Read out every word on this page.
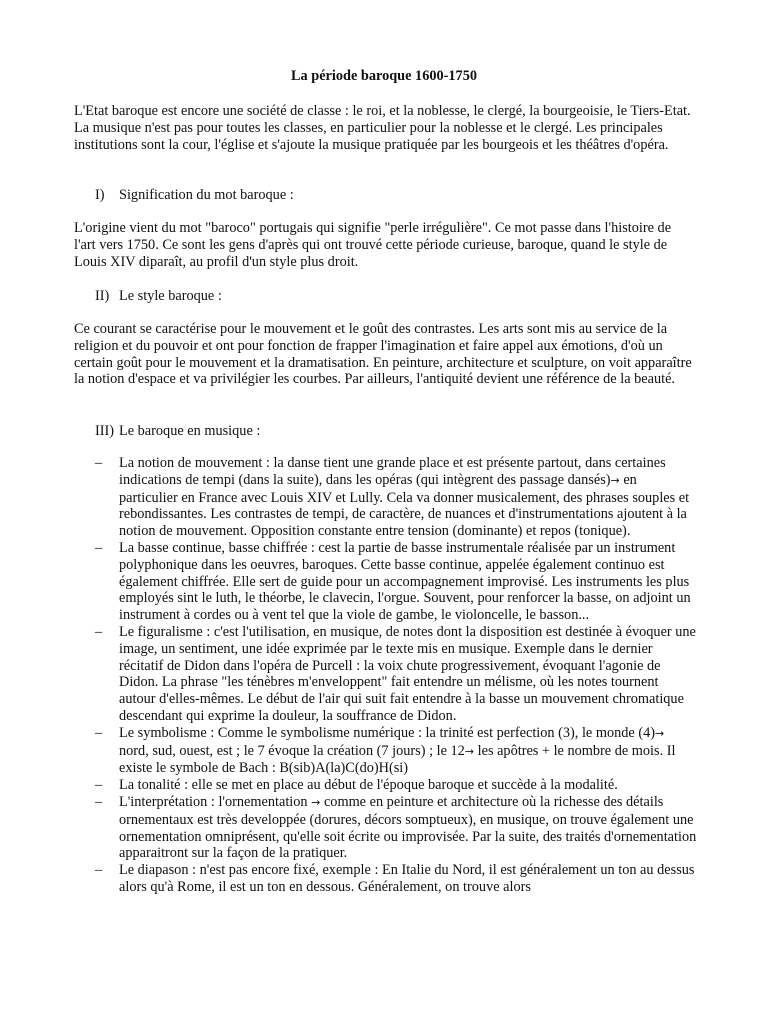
La période baroque 1600-1750

L'Etat baroque est encore une société de classe : le roi, et la noblesse, le clergé, la bourgeoisie, le Tiers-Etat. La musique n'est pas pour toutes les classes, en particulier pour la noblesse et le clergé. Les principales institutions sont la cour, l'église et s'ajoute la musique pratiquée par les bourgeois et les théâtres d'opéra.

I) Signification du mot baroque :

L'origine vient du mot "baroco" portugais qui signifie "perle irrégulière". Ce mot passe dans l'histoire de l'art vers 1750. Ce sont les gens d'après qui ont trouvé cette période curieuse, baroque, quand le style de Louis XIV diparaît, au profil d'un style plus droit.

II) Le style baroque :

Ce courant se caractérise pour le mouvement et le goût des contrastes. Les arts sont mis au service de la religion et du pouvoir et ont pour fonction de frapper l'imagination et faire appel aux émotions, d'où un certain goût pour le mouvement et la dramatisation. En peinture, architecture et sculpture, on voit apparaître la notion d'espace et va privilégier les courbes. Par ailleurs, l'antiquité devient une référence de la beauté.

III) Le baroque en musique :

– La notion de mouvement : la danse tient une grande place et est présente partout, dans certaines indications de tempi (dans la suite), dans les opéras (qui intègrent des passage dansés)→ en particulier en France avec Louis XIV et Lully. Cela va donner musicalement, des phrases souples et rebondissantes. Les contrastes de tempi, de caractère, de nuances et d'instrumentations ajoutent à la notion de mouvement. Opposition constante entre tension (dominante) et repos (tonique).
– La basse continue, basse chiffrée : cest la partie de basse instrumentale réalisée par un instrument polyphonique dans les oeuvres, baroques. Cette basse continue, appelée également continuo est également chiffrée. Elle sert de guide pour un accompagnement improvisé. Les instruments les plus employés sint le luth, le théorbe, le clavecin, l'orgue. Souvent, pour renforcer la basse, on adjoint un instrument à cordes ou à vent tel que la viole de gambe, le violoncelle, le basson...
– Le figuralisme : c'est l'utilisation, en musique, de notes dont la disposition est destinée à évoquer une image, un sentiment, une idée exprimée par le texte mis en musique. Exemple dans le dernier récitatif de Didon dans l'opéra de Purcell : la voix chute progressivement, évoquant l'agonie de Didon. La phrase "les ténèbres m'enveloppent" fait entendre un mélisme, où les notes tournent autour d'elles-mêmes. Le début de l'air qui suit fait entendre à la basse un mouvement chromatique descendant qui exprime la douleur, la souffrance de Didon.
– Le symbolisme : Comme le symbolisme numérique : la trinité est perfection (3), le monde (4)→ nord, sud, ouest, est ; le 7 évoque la création (7 jours) ; le 12→ les apôtres + le nombre de mois. Il existe le symbole de Bach : B(sib)A(la)C(do)H(si)
– La tonalité : elle se met en place au début de l'époque baroque et succède à la modalité.
– L'interprétation : l'ornementation → comme en peinture et architecture où la richesse des détails ornementaux est très developpée (dorures, décors somptueux), en musique, on trouve également une ornementation omniprésent, qu'elle soit écrite ou improvisée. Par la suite, des traités d'ornementation apparaitront sur la façon de la pratiquer.
– Le diapason : n'est pas encore fixé, exemple : En Italie du Nord, il est généralement un ton au dessus alors qu'à Rome, il est un ton en dessous. Généralement, on trouve alors
